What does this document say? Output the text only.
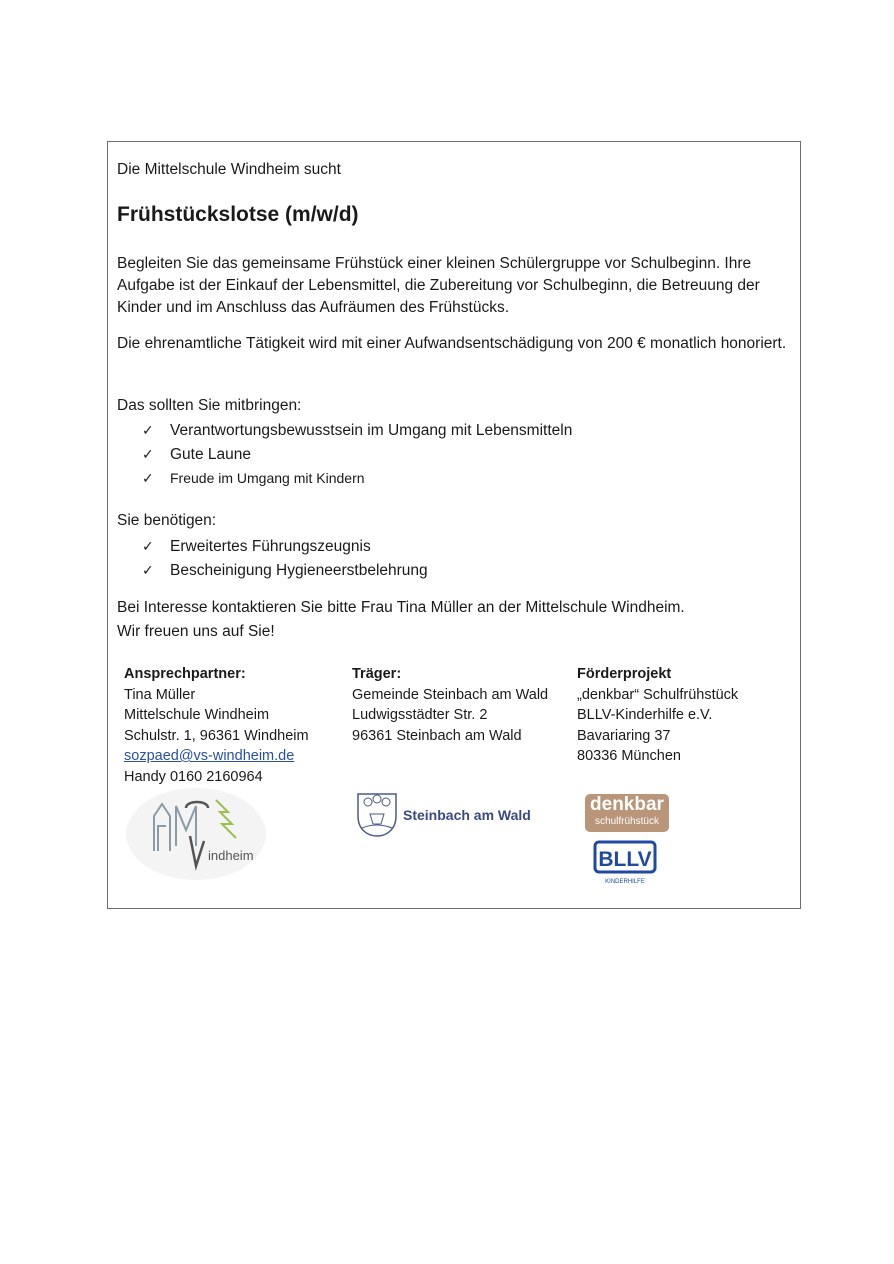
Die Mittelschule Windheim sucht
Frühstückslotse (m/w/d)

Begleiten Sie das gemeinsame Frühstück einer kleinen Schülergruppe vor Schulbeginn. Ihre Aufgabe ist der Einkauf der Lebensmittel, die Zubereitung vor Schulbeginn, die Betreuung der Kinder und im Anschluss das Aufräumen des Frühstücks.

Die ehrenamtliche Tätigkeit wird mit einer Aufwandsentschädigung von 200 € monatlich honoriert.

Das sollten Sie mitbringen:
✓ Verantwortungsbewusstsein im Umgang mit Lebensmitteln
✓ Gute Laune
✓ Freude im Umgang mit Kindern
Sie benötigen:
✓ Erweitertes Führungszeugnis
✓ Bescheinigung Hygieneerstbelehrung
Bei Interesse kontaktieren Sie bitte Frau Tina Müller an der Mittelschule Windheim.
Wir freuen uns auf Sie!
Ansprechpartner:
Tina Müller
Mittelschule Windheim
Schulstr. 1, 96361 Windheim
sozpaed@vs-windheim.de
Handy 0160 2160964
Träger:
Gemeinde Steinbach am Wald
Ludwigsstädter Str. 2
96361 Steinbach am Wald
Förderprojekt
„denkbar“ Schulfrühstück
BLLV-Kinderhilfe e.V.
Bavariaring 37
80336 München
indheim
Steinbach am Wald	denkbar
schulfrühstück
BLLV
KINDERHILFE
